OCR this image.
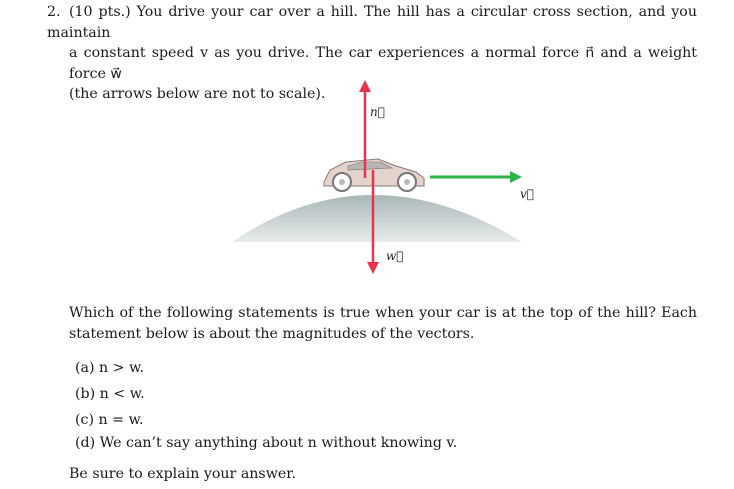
2. (10 pts.) You drive your car over a hill. The hill has a circular cross section, and you maintain
a constant speed v as you drive. The car experiences a normal force n⃗ and a weight force w⃗
(the arrows below are not to scale).
n⃗
w⃗
v⃗
Which of the following statements is true when your car is at the top of the hill? Each statement below is about the magnitudes of the vectors.
(a) n > w.
(b) n < w.
(c) n = w.
(d) We can’t say anything about n without knowing v.
Be sure to explain your answer.
